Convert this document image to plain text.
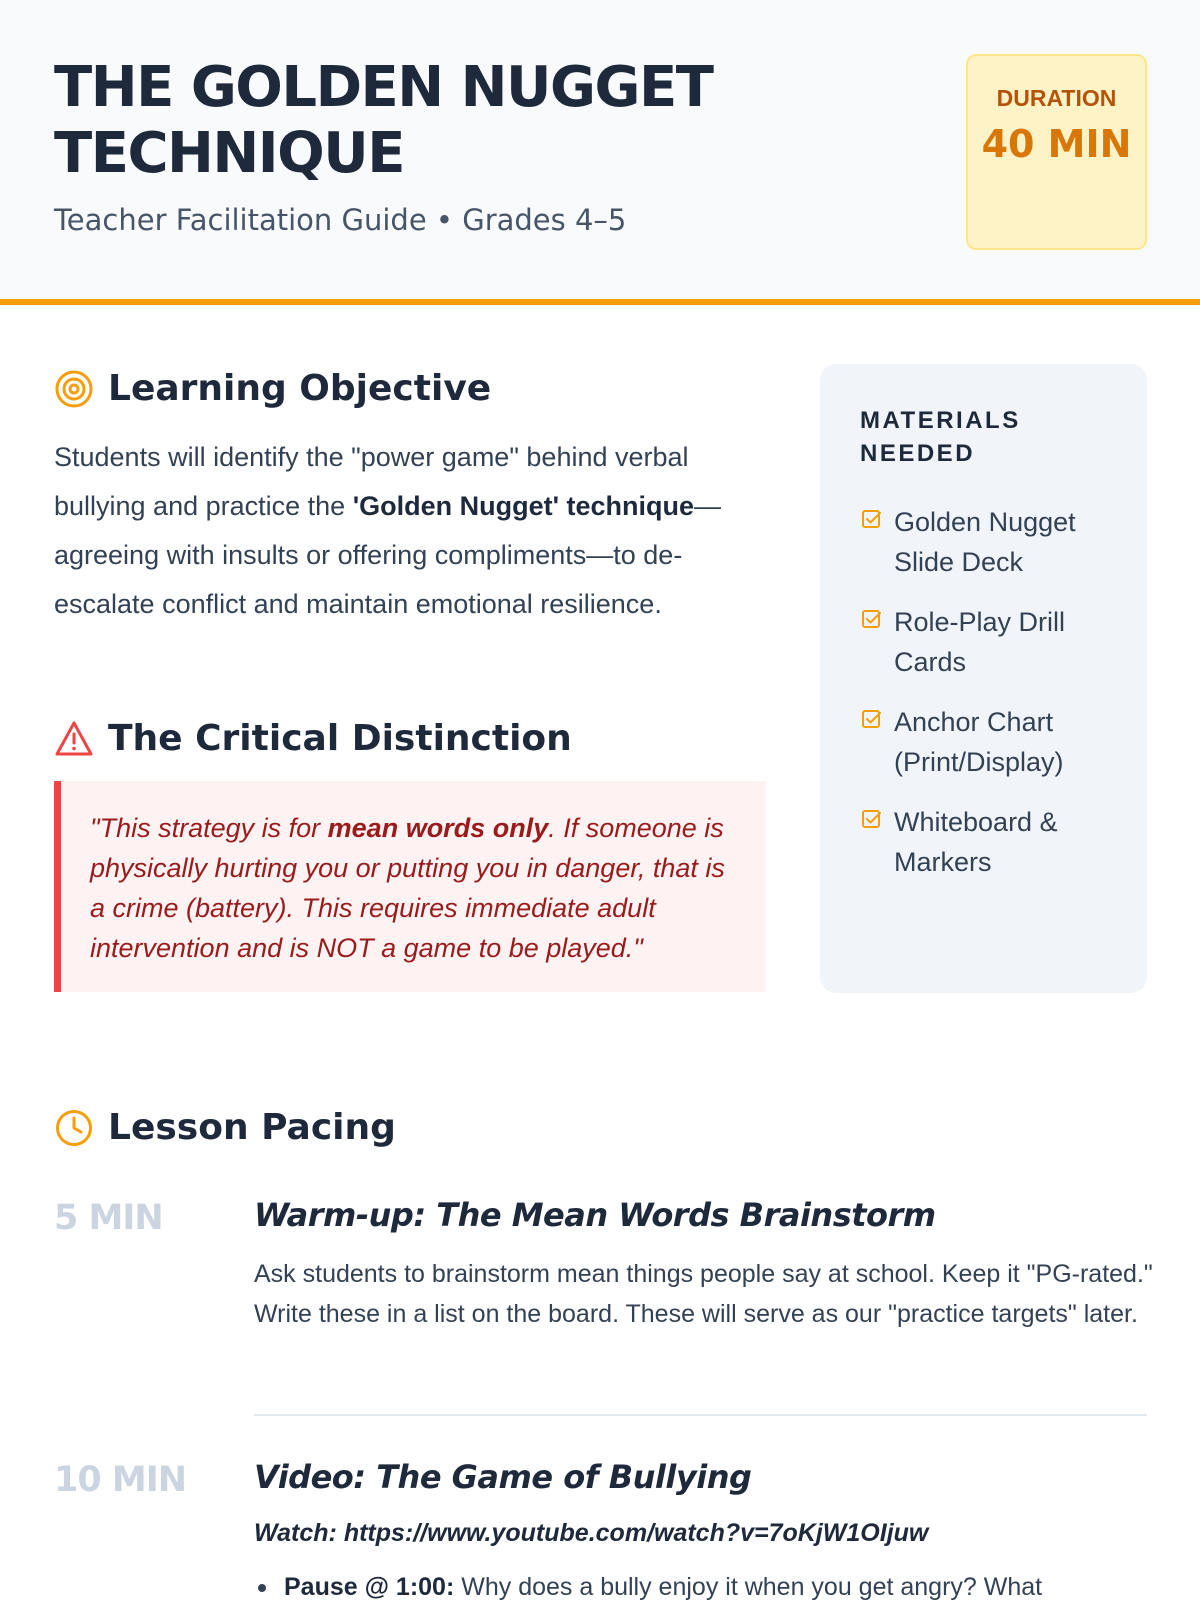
THE GOLDEN NUGGET TECHNIQUE

Teacher Facilitation Guide • Grades 4–5

DURATION
40 MIN
Learning Objective

Students will identify the "power game" behind verbal bullying and practice the 'Golden Nugget' technique—agreeing with insults or offering compliments—to de-escalate conflict and maintain emotional resilience.

The Critical Distinction
"This strategy is for mean words only. If someone is physically hurting you or putting you in danger, that is a crime (battery). This requires immediate adult intervention and is NOT a game to be played."
MATERIALS NEEDED
Golden Nugget Slide Deck
Role-Play Drill Cards
Anchor Chart (Print/Display)
Whiteboard & Markers
Lesson Pacing
5 MIN	Warm-up: The Mean Words Brainstorm

Ask students to brainstorm mean things people say at school. Keep it "PG-rated." Write these in a list on the board. These will serve as our "practice targets" later.

10 MIN Video: The Game of Bullying
Watch: https://www.youtube.com/watch?v=7oKjW1OIjuw
Pause @ 1:00: Why does a bully enjoy it when you get angry? What
